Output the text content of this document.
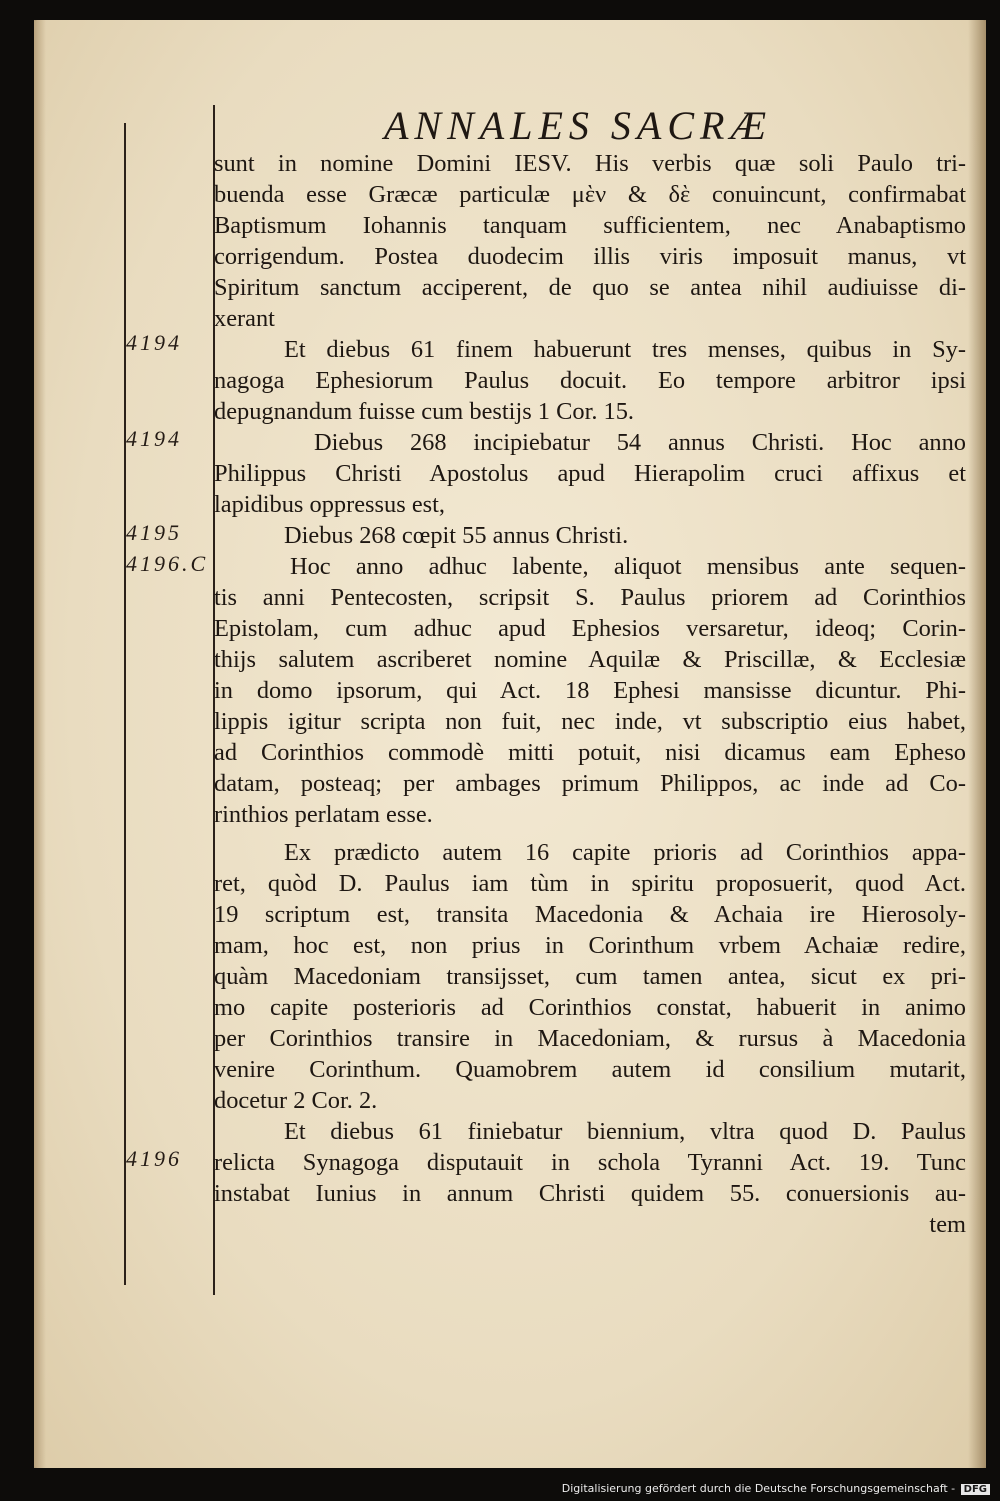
ANNALES SACRÆ
4194
4194
4195
4196.C
4196
sunt in nomine Domini IESV. His verbis quæ soli Paulo tri-
buenda esse Græcæ particulæ μὲν & δὲ conuincunt, confirmabat
Baptismum Iohannis tanquam sufficientem, nec Anabaptismo
corrigendum. Postea duodecim illis viris imposuit manus, vt
Spiritum sanctum acciperent, de quo se antea nihil audiuisse di-
xerant
Et diebus 61 finem habuerunt tres menses, quibus in Sy-
nagoga Ephesiorum Paulus docuit. Eo tempore arbitror ipsi
depugnandum fuisse cum bestijs 1 Cor. 15.
Diebus 268 incipiebatur 54 annus Christi. Hoc anno
Philippus Christi Apostolus apud Hierapolim cruci affixus et
lapidibus oppressus est,
Diebus 268 cœpit 55 annus Christi.
Hoc anno adhuc labente, aliquot mensibus ante sequen-
tis anni Pentecosten, scripsit S. Paulus priorem ad Corinthios
Epistolam, cum adhuc apud Ephesios versaretur, ideoq; Corin-
thijs salutem ascriberet nomine Aquilæ & Priscillæ, & Ecclesiæ
in domo ipsorum, qui Act. 18 Ephesi mansisse dicuntur. Phi-
lippis igitur scripta non fuit, nec inde, vt subscriptio eius habet,
ad Corinthios commodè mitti potuit, nisi dicamus eam Epheso
datam, posteaq; per ambages primum Philippos, ac inde ad Co-
rinthios perlatam esse.
Ex prædicto autem 16 capite prioris ad Corinthios appa-
ret, quòd D. Paulus iam tùm in spiritu proposuerit, quod Act.
19 scriptum est, transita Macedonia & Achaia ire Hierosoly-
mam, hoc est, non prius in Corinthum vrbem Achaiæ redire,
quàm Macedoniam transijsset, cum tamen antea, sicut ex pri-
mo capite posterioris ad Corinthios constat, habuerit in animo
per Corinthios transire in Macedoniam, & rursus à Macedonia
venire Corinthum. Quamobrem autem id consilium mutarit,
docetur 2 Cor. 2.
Et diebus 61 finiebatur biennium, vltra quod D. Paulus
relicta Synagoga disputauit in schola Tyranni Act. 19. Tunc
instabat Iunius in annum Christi quidem 55. conuersionis au-
tem
Digitalisierung gefördert durch die Deutsche Forschungsgemeinschaft - DFG
